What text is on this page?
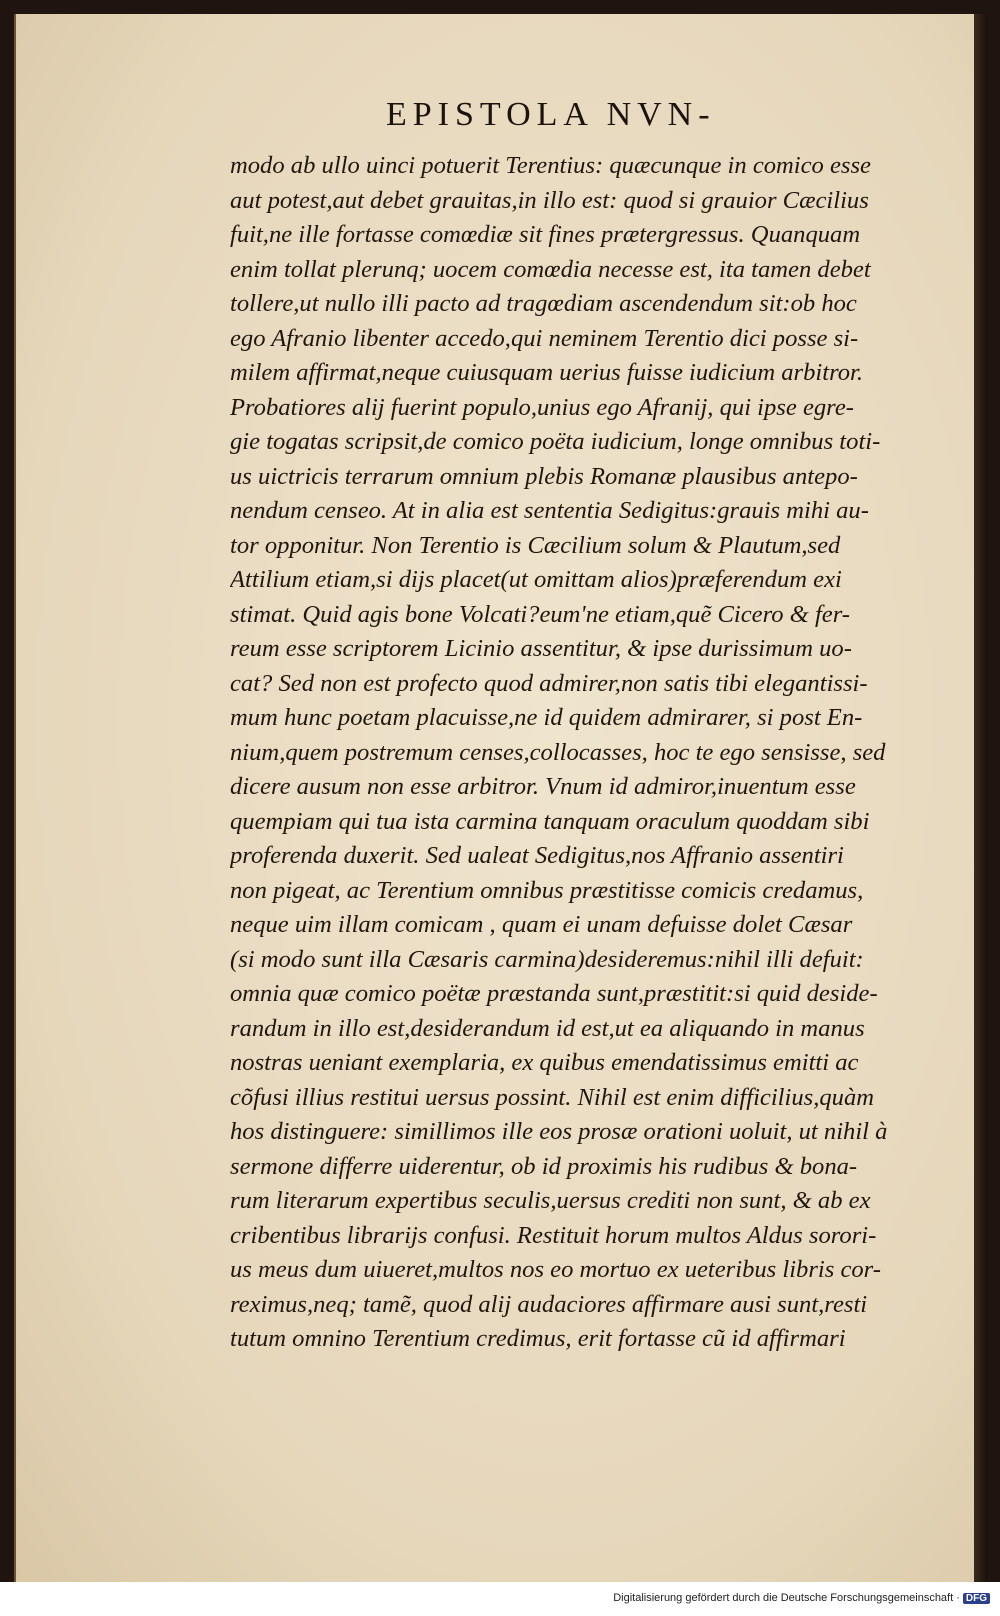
EPISTOLA NVN-
modo ab ullo uinci potuerit Terentius: quæcunque in comico esse
aut potest,aut debet grauitas,in illo est: quod si grauior Cæcilius
fuit,ne ille fortasse comœdiæ sit fines prætergressus. Quanquam
enim tollat plerunq; uocem comœdia necesse est, ita tamen debet
tollere,ut nullo illi pacto ad tragœdiam ascendendum sit:ob hoc
ego Afranio libenter accedo,qui neminem Terentio dici posse si-
milem affirmat,neque cuiusquam uerius fuisse iudicium arbitror.
Probatiores alij fuerint populo,unius ego Afranij, qui ipse egre-
gie togatas scripsit,de comico poëta iudicium, longe omnibus toti-
us uictricis terrarum omnium plebis Romanæ plausibus antepo-
nendum censeo. At in alia est sententia Sedigitus:grauis mihi au-
tor opponitur. Non Terentio is Cæcilium solum & Plautum,sed
Attilium etiam,si dijs placet(ut omittam alios)præferendum exi
stimat. Quid agis bone Volcati?eum'ne etiam,quẽ Cicero & fer-
reum esse scriptorem Licinio assentitur, & ipse durissimum uo-
cat? Sed non est profecto quod admirer,non satis tibi elegantissi-
mum hunc poetam placuisse,ne id quidem admirarer, si post En-
nium,quem postremum censes,collocasses, hoc te ego sensisse, sed
dicere ausum non esse arbitror. Vnum id admiror,inuentum esse
quempiam qui tua ista carmina tanquam oraculum quoddam sibi
proferenda duxerit. Sed ualeat Sedigitus,nos Affranio assentiri
non pigeat, ac Terentium omnibus præstitisse comicis credamus,
neque uim illam comicam , quam ei unam defuisse dolet Cæsar
(si modo sunt illa Cæsaris carmina)desideremus:nihil illi defuit:
omnia quæ comico poëtæ præstanda sunt,præstitit:si quid deside-
randum in illo est,desiderandum id est,ut ea aliquando in manus
nostras ueniant exemplaria, ex quibus emendatissimus emitti ac
cõfusi illius restitui uersus possint. Nihil est enim difficilius,quàm
hos distinguere: simillimos ille eos prosæ orationi uoluit, ut nihil à
sermone differre uiderentur, ob id proximis his rudibus & bona-
rum literarum expertibus seculis,uersus crediti non sunt, & ab ex
cribentibus librarijs confusi. Restituit horum multos Aldus sorori-
us meus dum uiueret,multos nos eo mortuo ex ueteribus libris cor-
reximus,neq; tamẽ, quod alij audaciores affirmare ausi sunt,resti
tutum omnino Terentium credimus, erit fortasse cũ id affirmari
Digitalisierung gefördert durch die Deutsche Forschungsgemeinschaft · DFG
